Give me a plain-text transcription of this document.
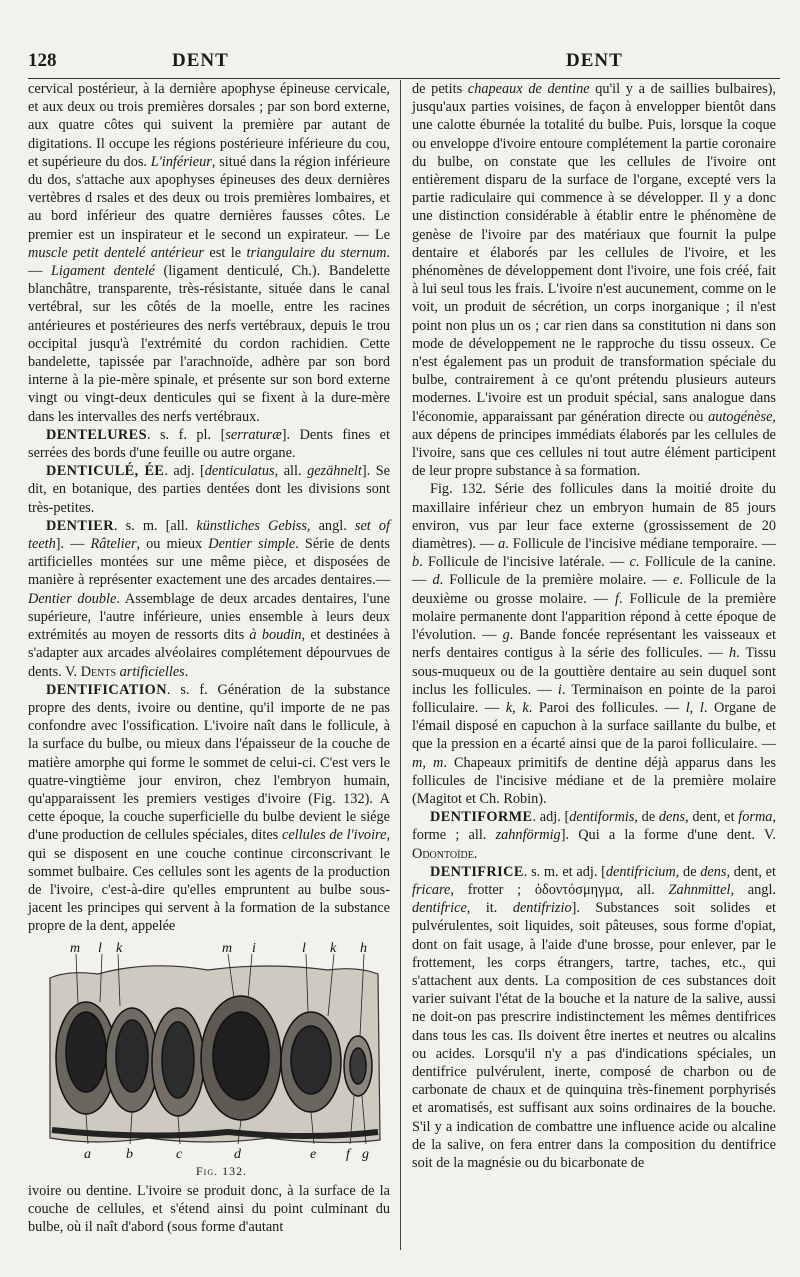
128	DENT	DENT

cervical postérieur, à la dernière apophyse épineuse cervicale, et aux deux ou trois premières dorsales ; par son bord externe, aux quatre côtes qui suivent la première par autant de digitations. Il occupe les régions postérieure inférieure du cou, et supérieure du dos. L'inférieur, situé dans la région inférieure du dos, s'attache aux apophyses épineuses des deux dernières vertèbres d rsales et des deux ou trois premières lombaires, et au bord inférieur des quatre dernières fausses côtes. Le premier est un inspirateur et le second un expirateur. — Le muscle petit dentelé antérieur est le triangulaire du sternum. — Ligament dentelé (ligament denticulé, Ch.). Bandelette blanchâtre, transparente, très-résistante, située dans le canal vertébral, sur les côtés de la moelle, entre les racines antérieures et postérieures des nerfs vertébraux, depuis le trou occipital jusqu'à l'extrémité du cordon rachidien. Cette bandelette, tapissée par l'arachnoïde, adhère par son bord interne à la pie-mère spinale, et présente sur son bord externe vingt ou vingt-deux denticules qui se fixent à la dure-mère dans les intervalles des nerfs vertébraux.

DENTELURES. s. f. pl. [serraturæ]. Dents fines et serrées des bords d'une feuille ou autre organe.

DENTICULÉ, ÉE. adj. [denticulatus, all. gezähnelt]. Se dit, en botanique, des parties dentées dont les divisions sont très-petites.

DENTIER. s. m. [all. künstliches Gebiss, angl. set of teeth]. — Râtelier, ou mieux Dentier simple. Série de dents artificielles montées sur une même pièce, et disposées de manière à représenter exactement une des arcades dentaires.—Dentier double. Assemblage de deux arcades dentaires, l'une supérieure, l'autre inférieure, unies ensemble à leurs deux extrémités au moyen de ressorts dits à boudin, et destinées à s'adapter aux arcades alvéolaires complétement dépourvues de dents. V. Dents artificielles.

DENTIFICATION. s. f. Génération de la substance propre des dents, ivoire ou dentine, qu'il importe de ne pas confondre avec l'ossification. L'ivoire naît dans le follicule, à la surface du bulbe, ou mieux dans l'épaisseur de la couche de matière amorphe qui forme le sommet de celui-ci. C'est vers le quatre-vingtième jour environ, chez l'embryon humain, qu'apparaissent les premiers vestiges d'ivoire (Fig. 132). A cette époque, la couche superficielle du bulbe devient le siége d'une production de cellules spéciales, dites cellules de l'ivoire, qui se disposent en une couche continue circonscrivant le sommet bulbaire. Ces cellules sont les agents de la production de l'ivoire, c'est-à-dire qu'elles empruntent au bulbe sous-jacent les principes qui servent à la formation de la substance propre de la dent, appelée

m l k	m i	l k h
a	b	c	d	e f g
Fig. 132.

ivoire ou dentine. L'ivoire se produit donc, à la surface de la couche de cellules, et s'étend ainsi du point culminant du bulbe, où il naît d'abord (sous forme d'autant

de petits chapeaux de dentine qu'il y a de saillies bulbaires), jusqu'aux parties voisines, de façon à envelopper bientôt dans une calotte éburnée la totalité du bulbe. Puis, lorsque la coque ou enveloppe d'ivoire entoure complétement la partie coronaire du bulbe, on constate que les cellules de l'ivoire ont entièrement disparu de la surface de l'organe, excepté vers la partie radiculaire qui commence à se développer. Il y a donc une distinction considérable à établir entre le phénomène de genèse de l'ivoire par des matériaux que fournit la pulpe dentaire et élaborés par les cellules de l'ivoire, et les phénomènes de développement dont l'ivoire, une fois créé, fait à lui seul tous les frais. L'ivoire n'est aucunement, comme on le voit, un produit de sécrétion, un corps inorganique ; il n'est point non plus un os ; car rien dans sa constitution ni dans son mode de développement ne le rapproche du tissu osseux. Ce n'est également pas un produit de transformation spéciale du bulbe, contrairement à ce qu'ont prétendu plusieurs auteurs modernes. L'ivoire est un produit spécial, sans analogue dans l'économie, apparaissant par génération directe ou autogénèse, aux dépens de principes immédiats élaborés par les cellules de l'ivoire, sans que ces cellules ni tout autre élément participent de leur propre substance à sa formation.

Fig. 132. Série des follicules dans la moitié droite du maxillaire inférieur chez un embryon humain de 85 jours environ, vus par leur face externe (grossissement de 20 diamètres). — a. Follicule de l'incisive médiane temporaire. — b. Follicule de l'incisive latérale. — c. Follicule de la canine. — d. Follicule de la première molaire. — e. Follicule de la deuxième ou grosse molaire. — f. Follicule de la première molaire permanente dont l'apparition répond à cette époque de l'évolution. — g. Bande foncée représentant les vaisseaux et nerfs dentaires contigus à la série des follicules. — h. Tissu sous-muqueux ou de la gouttière dentaire au sein duquel sont inclus les follicules. — i. Terminaison en pointe de la paroi folliculaire. — k, k. Paroi des follicules. — l, l. Organe de l'émail disposé en capuchon à la surface saillante du bulbe, et que la pression en a écarté ainsi que de la paroi folliculaire. — m, m. Chapeaux primitifs de dentine déjà apparus dans les follicules de l'incisive médiane et de la première molaire (Magitot et Ch. Robin).

DENTIFORME. adj. [dentiformis, de dens, dent, et forma, forme ; all. zahnförmig]. Qui a la forme d'une dent. V. Odontoïde.

DENTIFRICE. s. m. et adj. [dentifricium, de dens, dent, et fricare, frotter ; ὀδοντόσμηγμα, all. Zahnmittel, angl. dentifrice, it. dentifrizio]. Substances soit solides et pulvérulentes, soit liquides, soit pâteuses, sous forme d'opiat, dont on fait usage, à l'aide d'une brosse, pour enlever, par le frottement, les corps étrangers, tartre, taches, etc., qui s'attachent aux dents. La composition de ces substances doit varier suivant l'état de la bouche et la nature de la salive, aussi ne doit-on pas prescrire indistinctement les mêmes dentifrices dans tous les cas. Ils doivent être inertes et neutres ou alcalins ou acides. Lorsqu'il n'y a pas d'indications spéciales, un dentifrice pulvérulent, inerte, composé de charbon ou de carbonate de chaux et de quinquina très-finement porphyrisés et aromatisés, est suffisant aux soins ordinaires de la bouche. S'il y a indication de combattre une influence acide ou alcaline de la salive, on fera entrer dans la composition du dentifrice soit de la magnésie ou du bicarbonate de
